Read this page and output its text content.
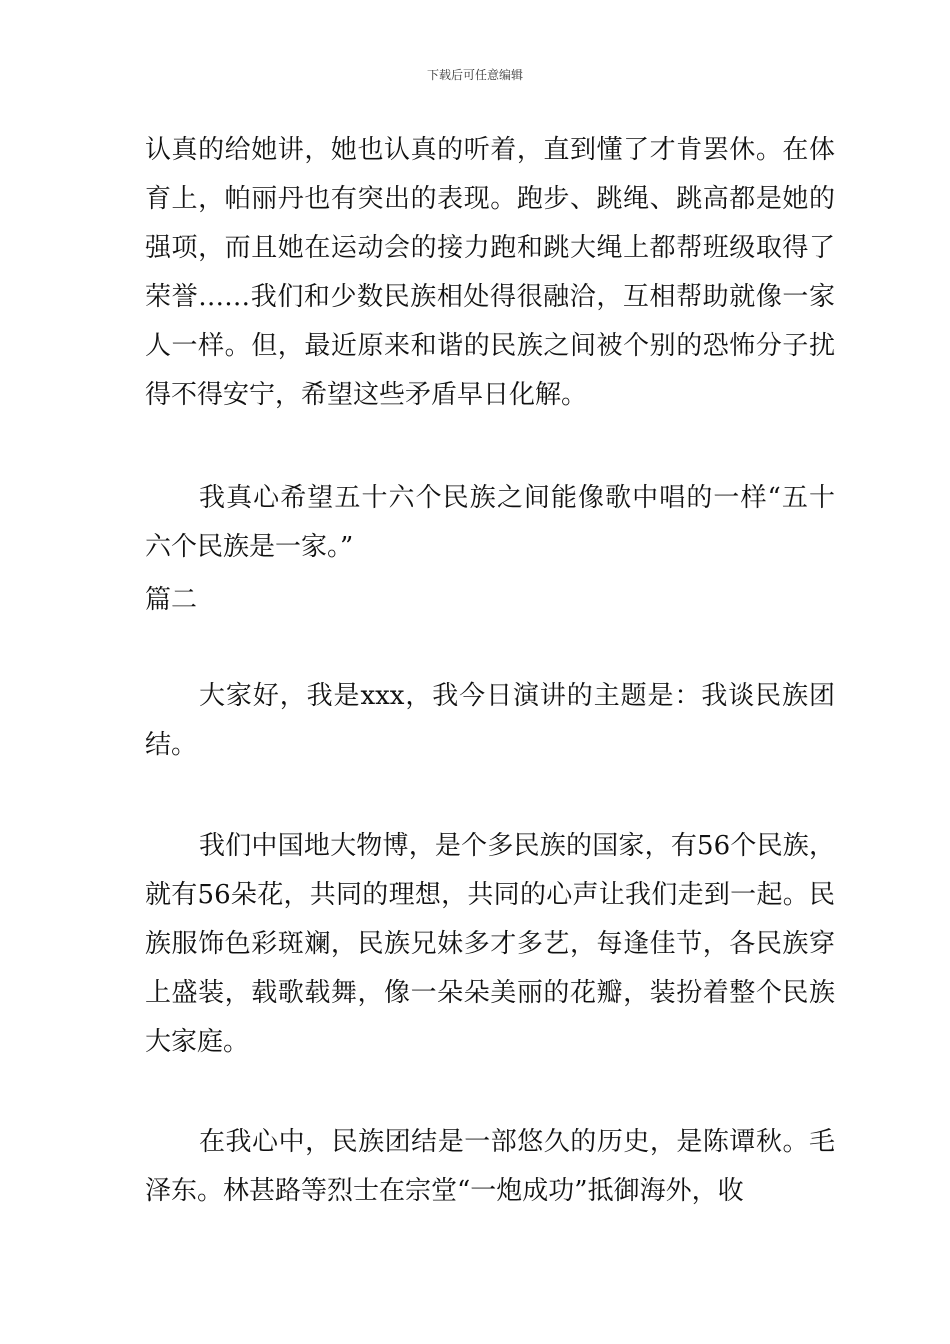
下载后可任意编辑

认真的给她讲，她也认真的听着，直到懂了才肯罢休。在体育上，帕丽丹也有突出的表现。跑步、跳绳、跳高都是她的强项，而且她在运动会的接力跑和跳大绳上都帮班级取得了荣誉……我们和少数民族相处得很融洽，互相帮助就像一家人一样。但，最近原来和谐的民族之间被个别的恐怖分子扰得不得安宁，希望这些矛盾早日化解。

我真心希望五十六个民族之间能像歌中唱的一样“五十六个民族是一家。”

篇二

大家好，我是xxx，我今日演讲的主题是：我谈民族团结。

我们中国地大物博，是个多民族的国家，有56个民族，就有56朵花，共同的理想，共同的心声让我们走到一起。民族服饰色彩斑斓，民族兄妹多才多艺，每逢佳节，各民族穿上盛装，载歌载舞，像一朵朵美丽的花瓣，装扮着整个民族大家庭。

在我心中，民族团结是一部悠久的历史，是陈谭秋。毛泽东。林甚路等烈士在宗堂“一炮成功”抵御海外，收
